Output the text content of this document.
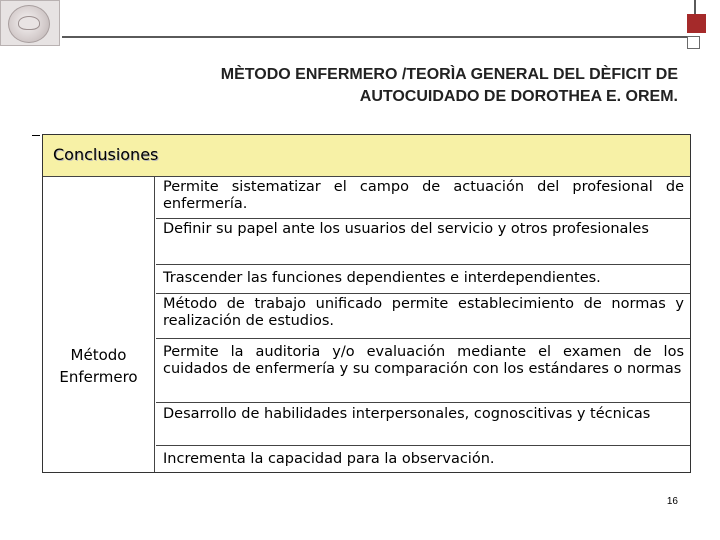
MÈTODO ENFERMERO /TEORÌA GENERAL DEL DÈFICIT DE
AUTOCUIDADO DE DOROTHEA E. OREM.
Conclusiones
Método
Enfermero
Permite sistematizar el campo de actuación del profesional de enfermería.
Definir su papel ante los usuarios del servicio y otros profesionales
Trascender las funciones dependientes e interdependientes.
Método de trabajo unificado permite establecimiento de normas y realización de estudios.
Permite la auditoria y/o evaluación mediante el examen de los cuidados de enfermería y su comparación con los estándares o normas
Desarrollo de habilidades interpersonales, cognoscitivas y técnicas
Incrementa la capacidad para la observación.
16
